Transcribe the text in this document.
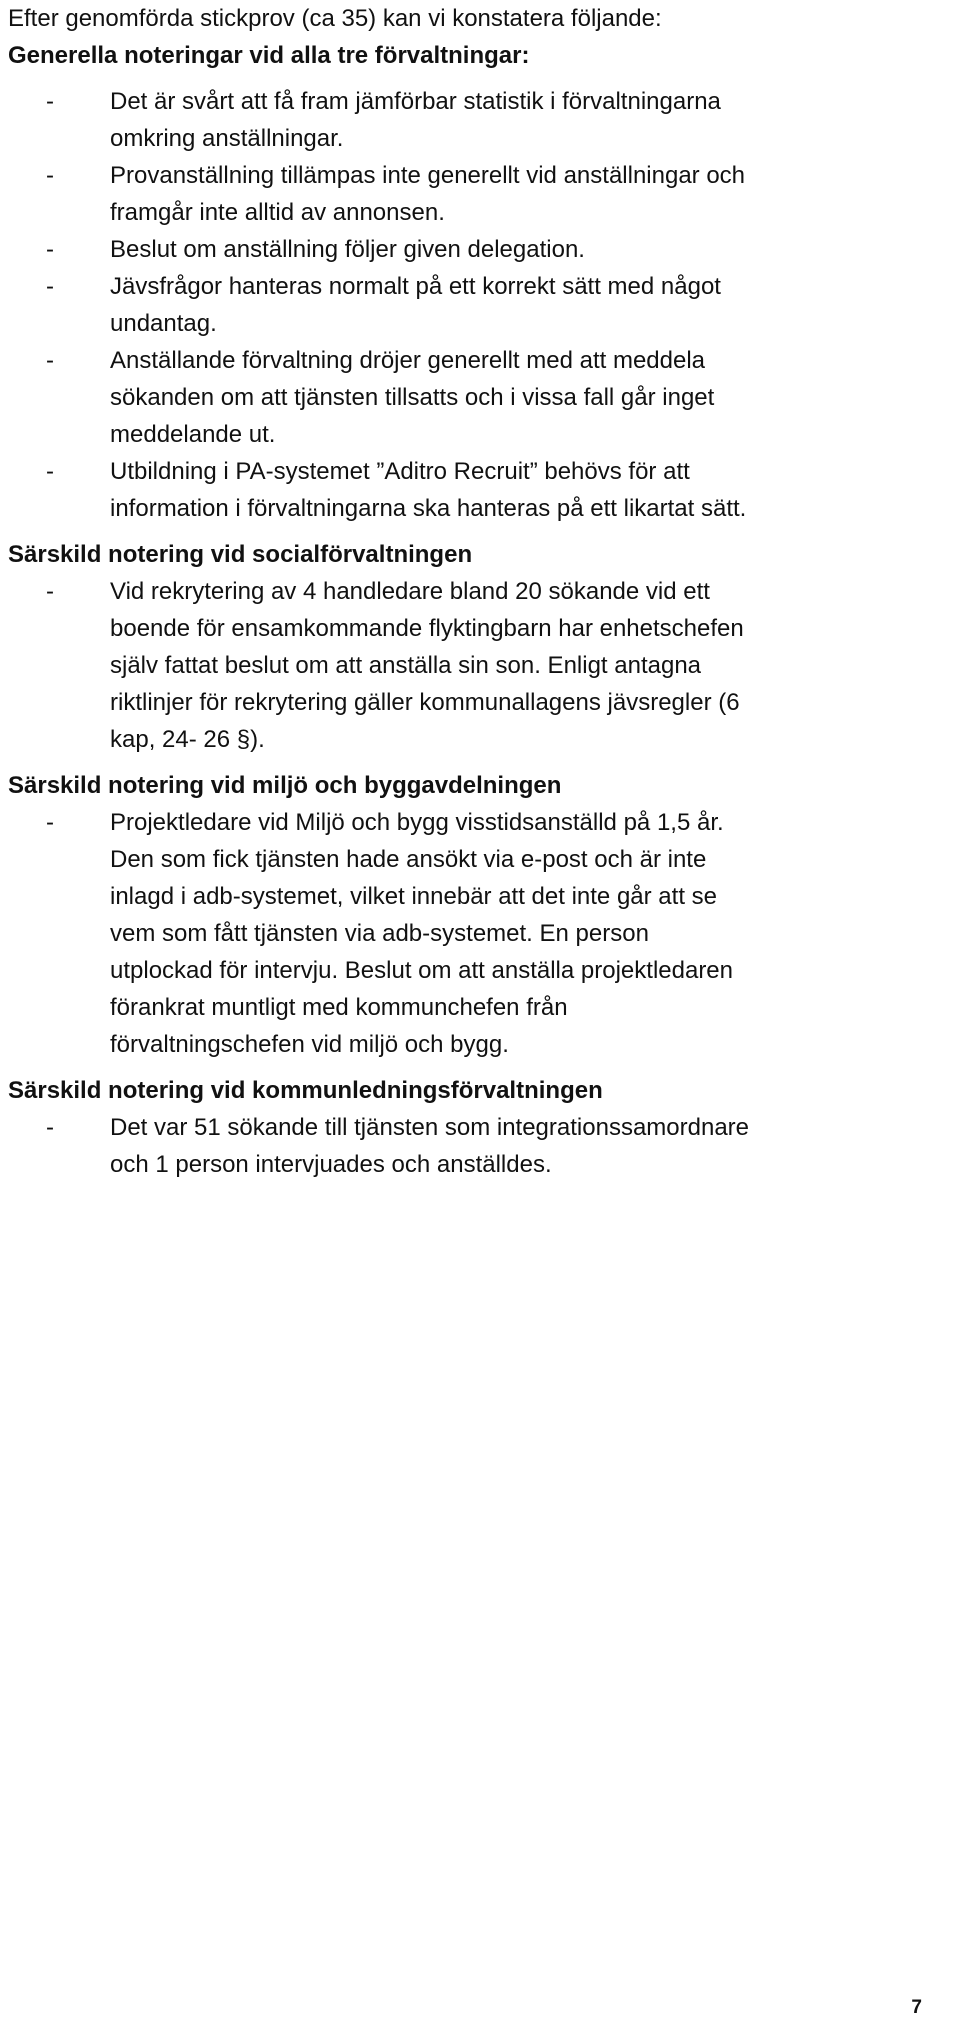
Efter genomförda stickprov (ca 35) kan vi konstatera följande:

Generella noteringar vid alla tre förvaltningar:

-	Det är svårt att få fram jämförbar statistik i förvaltningarna
omkring anställningar.
-	Provanställning tillämpas inte generellt vid anställningar och
framgår inte alltid av annonsen.
-	Beslut om anställning följer given delegation.
-	Jävsfrågor hanteras normalt på ett korrekt sätt med något
undantag.
-	Anställande förvaltning dröjer generellt med att meddela
sökanden om att tjänsten tillsatts och i vissa fall går inget
meddelande ut.
-	Utbildning i PA-systemet ”Aditro Recruit” behövs för att
information i förvaltningarna ska hanteras på ett likartat sätt.

Särskild notering vid socialförvaltningen

-	Vid rekrytering av 4 handledare bland 20 sökande vid ett
boende för ensamkommande flyktingbarn har enhetschefen
själv fattat beslut om att anställa sin son. Enligt antagna
riktlinjer för rekrytering gäller kommunallagens jävsregler (6
kap, 24- 26 §).

Särskild notering vid miljö och byggavdelningen

-	Projektledare vid Miljö och bygg visstidsanställd på 1,5 år.
Den som fick tjänsten hade ansökt via e-post och är inte
inlagd i adb-systemet, vilket innebär att det inte går att se
vem som fått tjänsten via adb-systemet. En person
utplockad för intervju. Beslut om att anställa projektledaren
förankrat muntligt med kommunchefen från
förvaltningschefen vid miljö och bygg.

Särskild notering vid kommunledningsförvaltningen

-	Det var 51 sökande till tjänsten som integrationssamordnare
och 1 person intervjuades och anställdes.
7
